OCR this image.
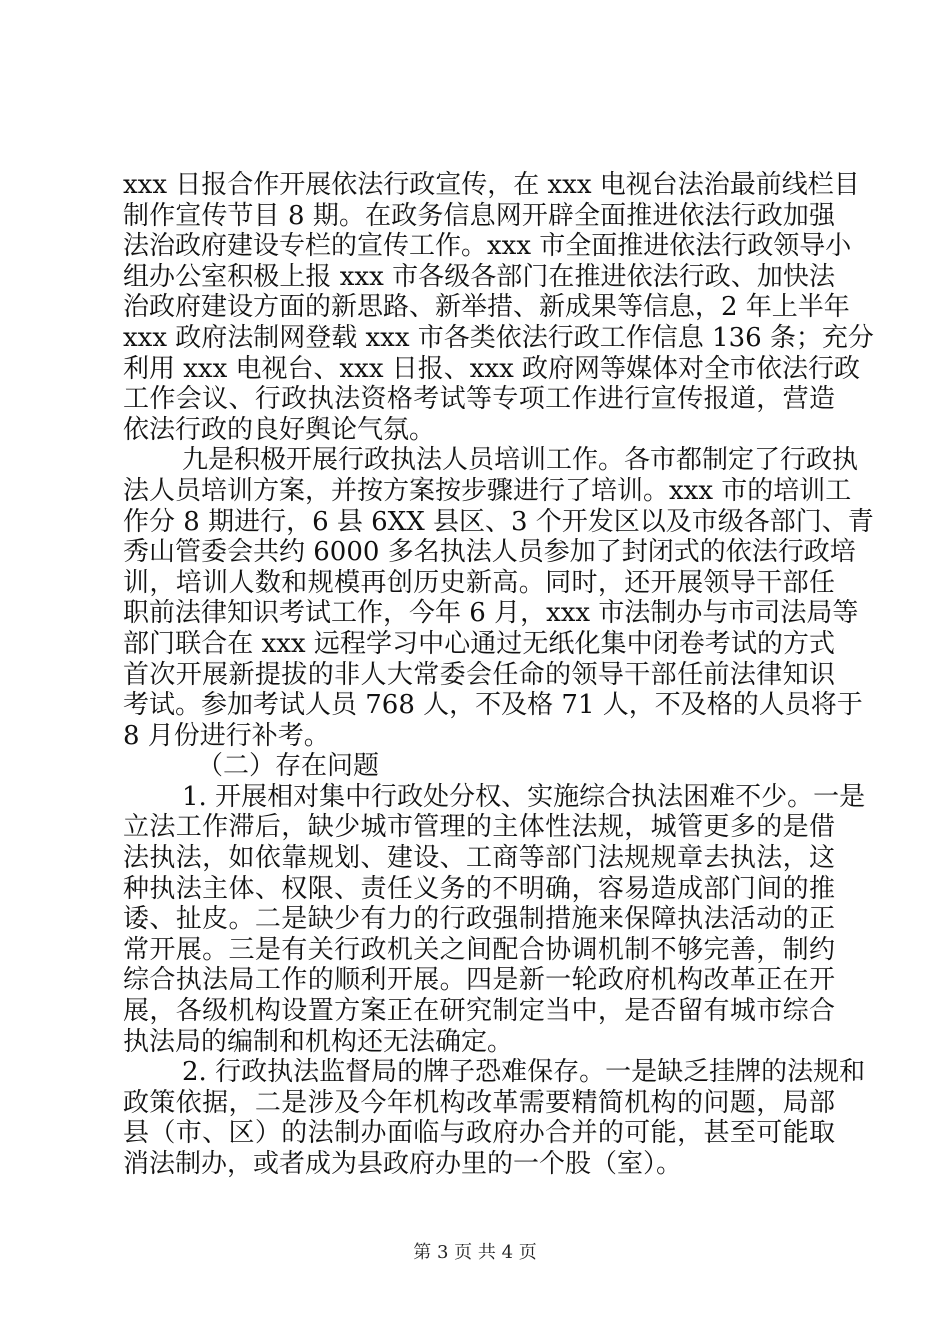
xxx 日报合作开展依法行政宣传，在 xxx 电视台法治最前线栏目
制作宣传节目 8 期。在政务信息网开辟全面推进依法行政加强
法治政府建设专栏的宣传工作。xxx 市全面推进依法行政领导小
组办公室积极上报 xxx 市各级各部门在推进依法行政、加快法
治政府建设方面的新思路、新举措、新成果等信息，2 年上半年
xxx 政府法制网登载 xxx 市各类依法行政工作信息 136 条；充分
利用 xxx 电视台、xxx 日报、xxx 政府网等媒体对全市依法行政
工作会议、行政执法资格考试等专项工作进行宣传报道，营造
依法行政的良好舆论气氛。
九是积极开展行政执法人员培训工作。各市都制定了行政执
法人员培训方案，并按方案按步骤进行了培训。xxx 市的培训工
作分 8 期进行，6 县 6XX 县区、3 个开发区以及市级各部门、青
秀山管委会共约 6000 多名执法人员参加了封闭式的依法行政培
训，培训人数和规模再创历史新高。同时，还开展领导干部任
职前法律知识考试工作，今年 6 月，xxx 市法制办与市司法局等
部门联合在 xxx 远程学习中心通过无纸化集中闭卷考试的方式
首次开展新提拔的非人大常委会任命的领导干部任前法律知识
考试。参加考试人员 768 人，不及格 71 人，不及格的人员将于
8 月份进行补考。
（二）存在问题
1. 开展相对集中行政处分权、实施综合执法困难不少。一是
立法工作滞后，缺少城市管理的主体性法规，城管更多的是借
法执法，如依靠规划、建设、工商等部门法规规章去执法，这
种执法主体、权限、责任义务的不明确，容易造成部门间的推
诿、扯皮。二是缺少有力的行政强制措施来保障执法活动的正
常开展。三是有关行政机关之间配合协调机制不够完善，制约
综合执法局工作的顺利开展。四是新一轮政府机构改革正在开
展，各级机构设置方案正在研究制定当中，是否留有城市综合
执法局的编制和机构还无法确定。
2. 行政执法监督局的牌子恐难保存。一是缺乏挂牌的法规和
政策依据，二是涉及今年机构改革需要精简机构的问题，局部
县（市、区）的法制办面临与政府办合并的可能，甚至可能取
消法制办，或者成为县政府办里的一个股（室）。
第 3 页 共 4 页
